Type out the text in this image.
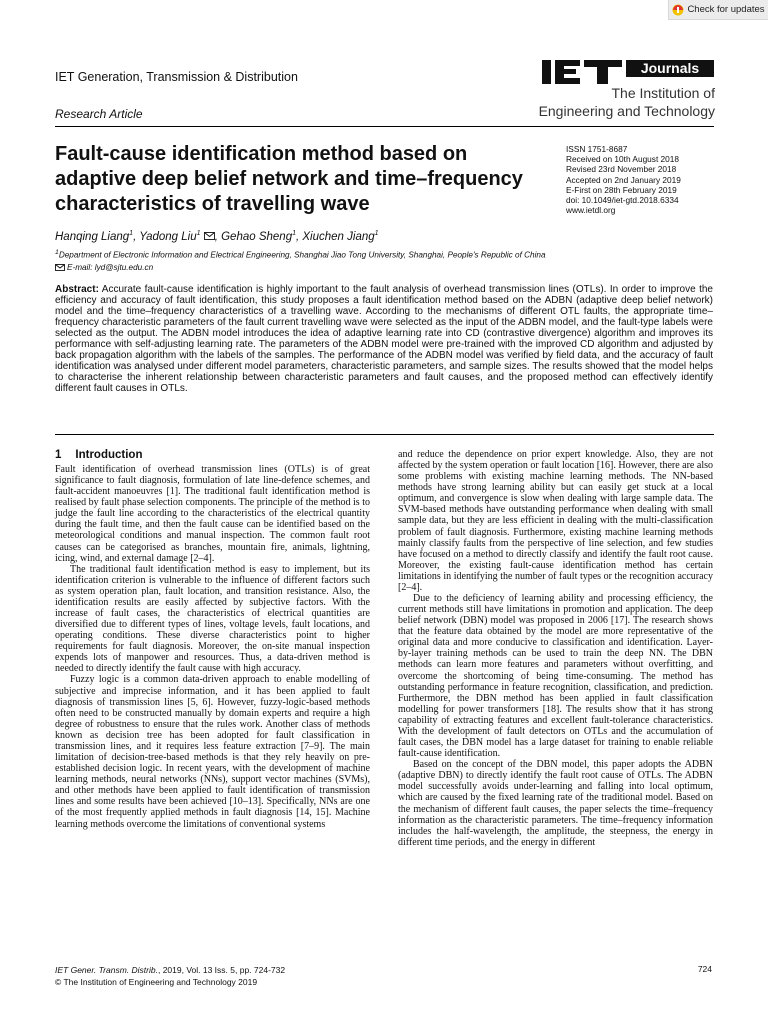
Check for updates
IET Generation, Transmission & Distribution
Research Article
Journals
The Institution of
Engineering and Technology
Fault-cause identification method based on adaptive deep belief network and time–frequency characteristics of travelling wave
ISSN 1751-8687
Received on 10th August 2018
Revised 23rd November 2018
Accepted on 2nd January 2019
E-First on 28th February 2019
doi: 10.1049/iet-gtd.2018.6334
www.ietdl.org
Hanqing Liang$^1$, Yadong Liu$^1$ , Gehao Sheng$^1$, Xiuchen Jiang$^1$
$^1$Department of Electronic Information and Electrical Engineering, Shanghai Jiao Tong University, Shanghai, People's Republic of China
E-mail: lyd@sjtu.edu.cn

Abstract: Accurate fault-cause identification is highly important to the fault analysis of overhead transmission lines (OTLs). In order to improve the efficiency and accuracy of fault identification, this study proposes a fault identification method based on the ADBN (adaptive deep belief network) model and the time–frequency characteristics of a travelling wave. According to the mechanisms of different OTL faults, the appropriate time–frequency characteristic parameters of the fault current travelling wave were selected as the input of the ADBN model, and the fault-type labels were selected as the output. The ADBN model introduces the idea of adaptive learning rate into CD (contrastive divergence) algorithm and improves its performance with self-adjusting learning rate. The parameters of the ADBN model were pre-trained with the improved CD algorithm and adjusted by back propagation algorithm with the labels of the samples. The performance of the ADBN model was verified by field data, and the accuracy of fault identification was analysed under different model parameters, characteristic parameters, and sample sizes. The results showed that the model helps to characterise the inherent relationship between characteristic parameters and fault causes, and the proposed method can effectively identify different fault causes in OTLs.

1 Introduction

Fault identification of overhead transmission lines (OTLs) is of great significance to fault diagnosis, formulation of late line-defence schemes, and fault-accident manoeuvres [1]. The traditional fault identification method is realised by fault phase selection components. The principle of the method is to judge the fault line according to the characteristics of the electrical quantity during the fault time, and then the fault cause can be identified based on the meteorological conditions and manual inspection. The common fault root causes can be categorised as branches, mountain fire, animals, lightning, icing, wind, and external damage [2–4].

The traditional fault identification method is easy to implement, but its identification criterion is vulnerable to the influence of different factors such as system operation plan, fault location, and transition resistance. Also, the identification results are easily affected by subjective factors. With the increase of fault cases, the characteristics of electrical quantities are diversified due to different types of lines, voltage levels, fault locations, and operating conditions. These diverse characteristics point to higher requirements for fault diagnosis. Moreover, the on-site manual inspection expends lots of manpower and resources. Thus, a data-driven method is needed to directly identify the fault cause with high accuracy.

Fuzzy logic is a common data-driven approach to enable modelling of subjective and imprecise information, and it has been applied to fault diagnosis of transmission lines [5, 6]. However, fuzzy-logic-based methods often need to be constructed manually by domain experts and require a high degree of robustness to ensure that the rules work. Another class of methods known as decision tree has been adopted for fault classification in transmission lines, and it requires less feature extraction [7–9]. The main limitation of decision-tree-based methods is that they rely heavily on pre-established decision logic. In recent years, with the development of machine learning methods, neural networks (NNs), support vector machines (SVMs), and other methods have been applied to fault identification of transmission lines and some results have been achieved [10–13]. Specifically, NNs are one of the most frequently applied methods in fault diagnosis [14, 15]. Machine learning methods overcome the limitations of conventional systems

and reduce the dependence on prior expert knowledge. Also, they are not affected by the system operation or fault location [16]. However, there are also some problems with existing machine learning methods. The NN-based methods have strong learning ability but can easily get stuck at a local optimum, and convergence is slow when dealing with large sample data. The SVM-based methods have outstanding performance when dealing with small sample data, but they are less efficient in dealing with the multi-classification problem of fault diagnosis. Furthermore, existing machine learning methods mainly classify faults from the perspective of line selection, and few studies have focused on a method to directly classify and identify the fault root cause. Moreover, the existing fault-cause identification method has certain limitations in identifying the number of fault types or the recognition accuracy [2–4].

Due to the deficiency of learning ability and processing efficiency, the current methods still have limitations in promotion and application. The deep belief network (DBN) model was proposed in 2006 [17]. The research shows that the feature data obtained by the model are more representative of the original data and more conducive to classification and identification. Layer-by-layer training methods can be used to train the deep NN. The DBN methods can learn more features and parameters without overfitting, and overcome the shortcoming of being time-consuming. The method has outstanding performance in feature recognition, classification, and prediction. Furthermore, the DBN method has been applied in fault classification modelling for power transformers [18]. The results show that it has strong capability of extracting features and excellent fault-tolerance characteristics. With the development of fault detectors on OTLs and the accumulation of fault cases, the DBN model has a large dataset for training to enable reliable fault-cause identification.

Based on the concept of the DBN model, this paper adopts the ADBN (adaptive DBN) to directly identify the fault root cause of OTLs. The ADBN model successfully avoids under-learning and falling into local optimum, which are caused by the fixed learning rate of the traditional model. Based on the mechanism of different fault causes, the paper selects the time–frequency information as the characteristic parameters. The time–frequency information includes the half-wavelength, the amplitude, the steepness, the energy in different time periods, and the energy in different

IET Gener. Transm. Distrib., 2019, Vol. 13 Iss. 5, pp. 724-732
© The Institution of Engineering and Technology 2019
724
